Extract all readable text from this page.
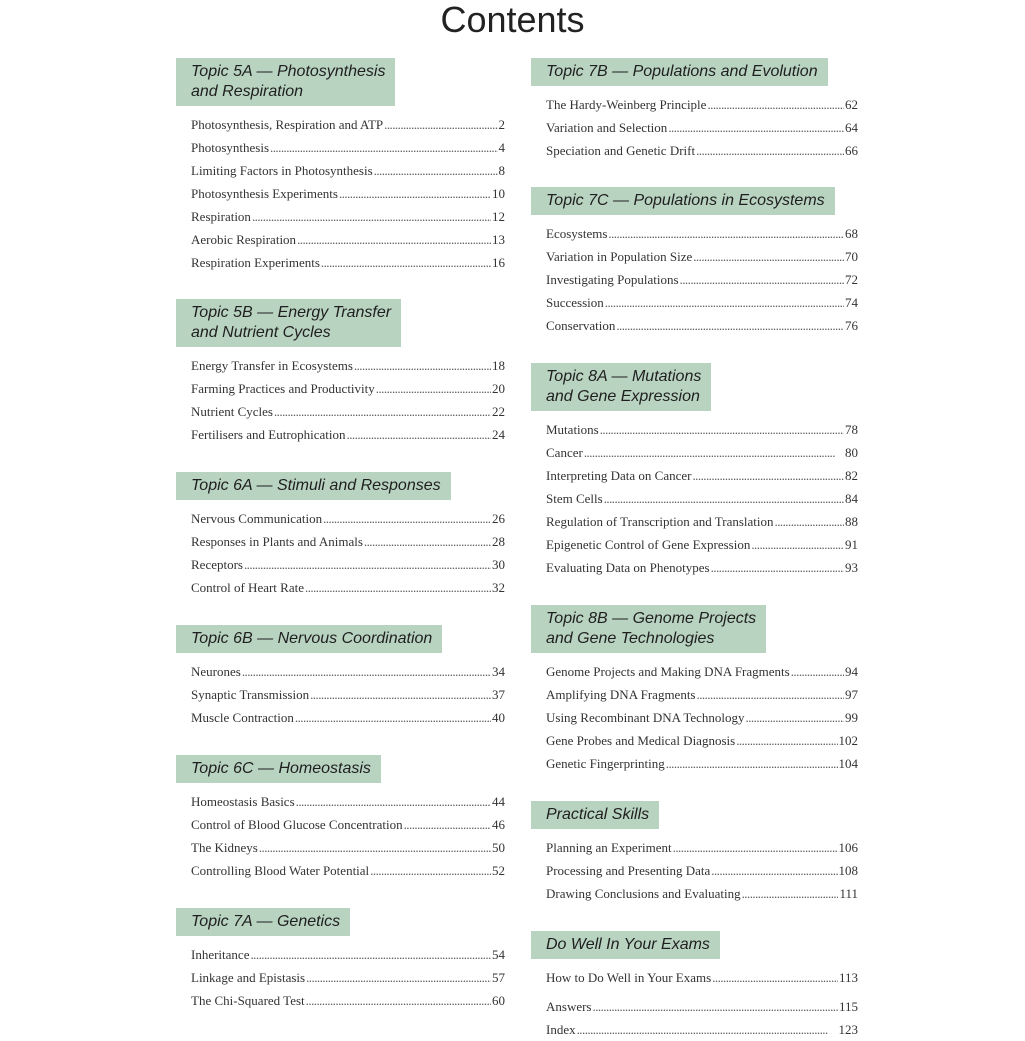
Contents
Topic 5A — Photosynthesis
and Respiration
Photosynthesis, Respiration and ATP . . .	2
Photosynthesis . . .	4
Limiting Factors in Photosynthesis . . .	8
Photosynthesis Experiments . . .	10
Respiration . . .	12
Aerobic Respiration . . .	13
Respiration Experiments . . .	16
Topic 5B — Energy Transfer
and Nutrient Cycles
Energy Transfer in Ecosystems . . .	18
Farming Practices and Productivity . . .	20
Nutrient Cycles . . .	22
Fertilisers and Eutrophication . . .	24
Topic 6A — Stimuli and Responses
Nervous Communication . . .	26
Responses in Plants and Animals . . .	28
Receptors . . .	30
Control of Heart Rate . . .	32
Topic 6B — Nervous Coordination
Neurones . . .	34
Synaptic Transmission . . .	37
Muscle Contraction . . .	40
Topic 6C — Homeostasis
Homeostasis Basics . . .	44
Control of Blood Glucose Concentration . . .	46
The Kidneys . . .	50
Controlling Blood Water Potential . . .	52
Topic 7A — Genetics
Inheritance . . .	54
Linkage and Epistasis . . .	57
The Chi-Squared Test . . .	60
Topic 7B — Populations and Evolution
The Hardy-Weinberg Principle . . .	62
Variation and Selection . . .	64
Speciation and Genetic Drift . . .	66
Topic 7C — Populations in Ecosystems
Ecosystems . . .	68
Variation in Population Size . . .	70
Investigating Populations . . .	72
Succession . . .	74
Conservation . . .	76
Topic 8A — Mutations
and Gene Expression
Mutations . . .	78
Cancer . . .	80
Interpreting Data on Cancer . . .	82
Stem Cells . . .	84
Regulation of Transcription and Translation . . .	88
Epigenetic Control of Gene Expression . . .	91
Evaluating Data on Phenotypes . . .	93
Topic 8B — Genome Projects
and Gene Technologies
Genome Projects and Making DNA Fragments . . .	94
Amplifying DNA Fragments . . .	97
Using Recombinant DNA Technology . . .	99
Gene Probes and Medical Diagnosis . . .	102
Genetic Fingerprinting . . .	104
Practical Skills
Planning an Experiment . . .	106
Processing and Presenting Data . . .	108
Drawing Conclusions and Evaluating . . .	111
Do Well In Your Exams
How to Do Well in Your Exams . . .	113
Answers . . .	115
Index . . .	123
